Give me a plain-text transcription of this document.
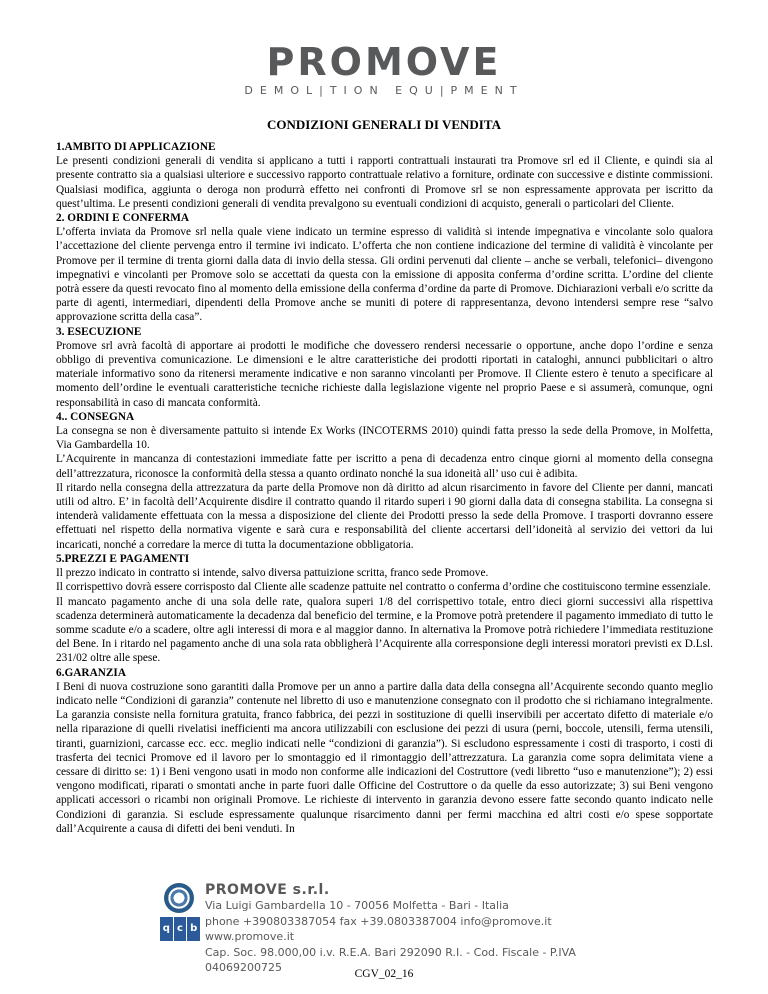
PROMOVE
DEMOL|TION EQU|PMENT
CONDIZIONI GENERALI DI VENDITA
1.AMBITO DI APPLICAZIONE

Le presenti condizioni generali di vendita si applicano a tutti i rapporti contrattuali instaurati tra Promove srl ed il Cliente, e quindi sia al presente contratto sia a qualsiasi ulteriore e successivo rapporto contrattuale relativo a forniture, ordinate con successive e distinte commissioni. Qualsiasi modifica, aggiunta o deroga non produrrà effetto nei confronti di Promove srl se non espressamente approvata per iscritto da quest’ultima. Le presenti condizioni generali di vendita prevalgono su eventuali condizioni di acquisto, generali o particolari del Cliente.

2. ORDINI E CONFERMA

L’offerta inviata da Promove srl nella quale viene indicato un termine espresso di validità si intende impegnativa e vincolante solo qualora l’accettazione del cliente pervenga entro il termine ivi indicato. L’offerta che non contiene indicazione del termine di validità è vincolante per Promove per il termine di trenta giorni dalla data di invio della stessa. Gli ordini pervenuti dal cliente – anche se verbali, telefonici– divengono impegnativi e vincolanti per Promove solo se accettati da questa con la emissione di apposita conferma d’ordine scritta. L’ordine del cliente potrà essere da questi revocato fino al momento della emissione della conferma d’ordine da parte di Promove. Dichiarazioni verbali e/o scritte da parte di agenti, intermediari, dipendenti della Promove anche se muniti di potere di rappresentanza, devono intendersi sempre rese “salvo approvazione scritta della casa”.

3. ESECUZIONE

Promove srl avrà facoltà di apportare ai prodotti le modifiche che dovessero rendersi necessarie o opportune, anche dopo l’ordine e senza obbligo di preventiva comunicazione. Le dimensioni e le altre caratteristiche dei prodotti riportati in cataloghi, annunci pubblicitari o altro materiale informativo sono da ritenersi meramente indicative e non saranno vincolanti per Promove. Il Cliente estero è tenuto a specificare al momento dell’ordine le eventuali caratteristiche tecniche richieste dalla legislazione vigente nel proprio Paese e si assumerà, comunque, ogni responsabilità in caso di mancata conformità.

4.. CONSEGNA

La consegna se non è diversamente pattuito si intende Ex Works (INCOTERMS 2010) quindi fatta presso la sede della Promove, in Molfetta, Via Gambardella 10.

L’Acquirente in mancanza di contestazioni immediate fatte per iscritto a pena di decadenza entro cinque giorni al momento della consegna dell’attrezzatura, riconosce la conformità della stessa a quanto ordinato nonché la sua idoneità all’ uso cui è adibita.

Il ritardo nella consegna della attrezzatura da parte della Promove non dà diritto ad alcun risarcimento in favore del Cliente per danni, mancati utili od altro. E’ in facoltà dell’Acquirente disdire il contratto quando il ritardo superi i 90 giorni dalla data di consegna stabilita. La consegna si intenderà validamente effettuata con la messa a disposizione del cliente dei Prodotti presso la sede della Promove. I trasporti dovranno essere effettuati nel rispetto della normativa vigente e sarà cura e responsabilità del cliente accertarsi dell’idoneità al servizio dei vettori da lui incaricati, nonché a corredare la merce di tutta la documentazione obbligatoria.

5.PREZZI E PAGAMENTI

Il prezzo indicato in contratto si intende, salvo diversa pattuizione scritta, franco sede Promove.

Il corrispettivo dovrà essere corrisposto dal Cliente alle scadenze pattuite nel contratto o conferma d’ordine che costituiscono termine essenziale.

Il mancato pagamento anche di una sola delle rate, qualora superi 1/8 del corrispettivo totale, entro dieci giorni successivi alla rispettiva scadenza determinerà automaticamente la decadenza dal beneficio del termine, e la Promove potrà pretendere il pagamento immediato di tutto le somme scadute e/o a scadere, oltre agli interessi di mora e al maggior danno. In alternativa la Promove potrà richiedere l’immediata restituzione del Bene. In i ritardo nel pagamento anche di una sola rata obbligherà l’Acquirente alla corresponsione degli interessi moratori previsti ex D.Lsl. 231/02 oltre alle spese.

6.GARANZIA

I Beni di nuova costruzione sono garantiti dalla Promove per un anno a partire dalla data della consegna all’Acquirente secondo quanto meglio indicato nelle “Condizioni di garanzia” contenute nel libretto di uso e manutenzione consegnato con il prodotto che si richiamano integralmente. La garanzia consiste nella fornitura gratuita, franco fabbrica, dei pezzi in sostituzione di quelli inservibili per accertato difetto di materiale e/o nella riparazione di quelli rivelatisi inefficienti ma ancora utilizzabili con esclusione dei pezzi di usura (perni, boccole, utensili, ferma utensili, tiranti, guarnizioni, carcasse ecc. ecc. meglio indicati nelle “condizioni di garanzia”). Si escludono espressamente i costi di trasporto, i costi di trasferta dei tecnici Promove ed il lavoro per lo smontaggio ed il rimontaggio dell’attrezzatura. La garanzia come sopra delimitata viene a cessare di diritto se: 1) i Beni vengono usati in modo non conforme alle indicazioni del Costruttore (vedi libretto “uso e manutenzione”); 2) essi vengono modificati, riparati o smontati anche in parte fuori dalle Officine del Costruttore o da quelle da esso autorizzate; 3) sui Beni vengono applicati accessori o ricambi non originali Promove. Le richieste di intervento in garanzia devono essere fatte secondo quanto indicato nelle Condizioni di garanzia. Si esclude espressamente qualunque risarcimento danni per fermi macchina ed altri costi e/o spese sopportate dall’Acquirente a causa di difetti dei beni venduti. In

q c b
PROMOVE s.r.l.
Via Luigi Gambardella 10 - 70056 Molfetta - Bari - Italia
phone +390803387054 fax +39.0803387004 info@promove.it www.promove.it
Cap. Soc. 98.000,00 i.v. R.E.A. Bari 292090 R.I. - Cod. Fiscale - P.IVA 04069200725	CGV_02_16
